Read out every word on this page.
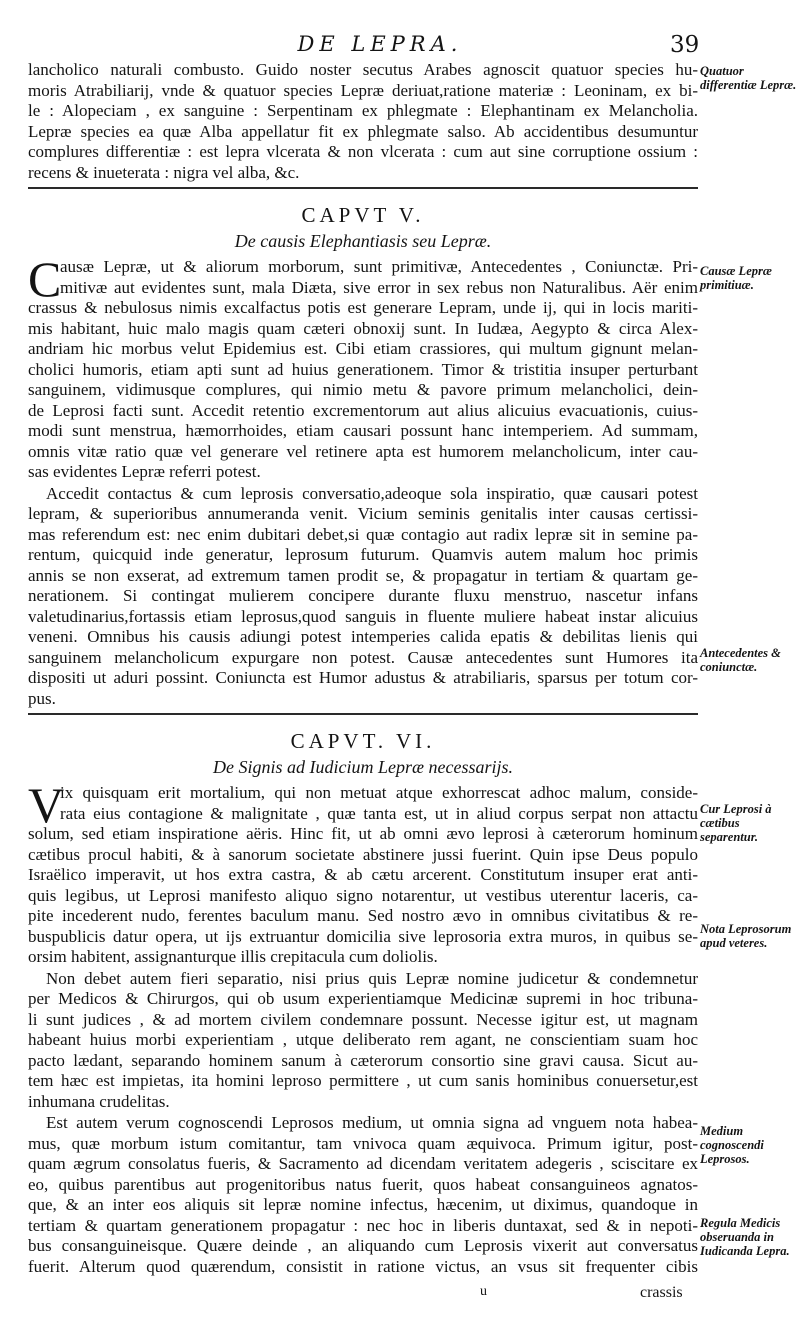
DE LEPRA.	39
lancholico naturali combusto. Guido noster secutus Arabes agnoscit quatuor species hu-
moris Atrabiliarij, vnde & quatuor species Lepræ deriuat,ratione materiæ : Leoninam, ex bi-
le : Alopeciam , ex sanguine : Serpentinam ex phlegmate : Elephantinam ex Melancholia.
Lepræ species ea quæ Alba appellatur fit ex phlegmate salso. Ab accidentibus desumuntur
complures differentiæ : est lepra vlcerata & non vlcerata : cum aut sine corruptione ossium :
recens & inueterata : nigra vel alba, &c.
CAPVT V.
De causis Elephantiasis seu Lepræ.
C
ausæ Lepræ, ut & aliorum morborum, sunt primitivæ, Antecedentes , Coniunctæ. Pri-
mitivæ aut evidentes sunt, mala Diæta, sive error in sex rebus non Naturalibus. Aër enim
crassus & nebulosus nimis excalfactus potis est generare Lepram, unde ij, qui in locis mariti-
mis habitant, huic malo magis quam cæteri obnoxij sunt. In Iudæa, Aegypto & circa Alex-
andriam hic morbus velut Epidemius est. Cibi etiam crassiores, qui multum gignunt melan-
cholici humoris, etiam apti sunt ad huius generationem. Timor & tristitia insuper perturbant
sanguinem, vidimusque complures, qui nimio metu & pavore primum melancholici, dein-
de Leprosi facti sunt. Accedit retentio excrementorum aut alius alicuius evacuationis, cuius-
modi sunt menstrua, hæmorrhoides, etiam causari possunt hanc intemperiem. Ad summam,
omnis vitæ ratio quæ vel generare vel retinere apta est humorem melancholicum, inter cau-
sas evidentes Lepræ referri potest.
Accedit contactus & cum leprosis conversatio,adeoque sola inspiratio, quæ causari potest
lepram, & superioribus annumeranda venit. Vicium seminis genitalis inter causas certissi-
mas referendum est: nec enim dubitari debet,si quæ contagio aut radix lepræ sit in semine pa-
rentum, quicquid inde generatur, leprosum futurum. Quamvis autem malum hoc primis
annis se non exserat, ad extremum tamen prodit se, & propagatur in tertiam & quartam ge-
nerationem. Si contingat mulierem concipere durante fluxu menstruo, nascetur infans
valetudinarius,fortassis etiam leprosus,quod sanguis in fluente muliere habeat instar alicuius
veneni. Omnibus his causis adiungi potest intemperies calida epatis & debilitas lienis qui
sanguinem melancholicum expurgare non potest. Causæ antecedentes sunt Humores ita
dispositi ut aduri possint. Coniuncta est Humor adustus & atrabiliaris, sparsus per totum cor-
pus.
CAPVT. VI.
De Signis ad Iudicium Lepræ necessarijs.
V
ix quisquam erit mortalium, qui non metuat atque exhorrescat adhoc malum, conside-
rata eius contagione & malignitate , quæ tanta est, ut in aliud corpus serpat non attactu
solum, sed etiam inspiratione aëris. Hinc fit, ut ab omni ævo leprosi à cæterorum hominum
cætibus procul habiti, & à sanorum societate abstinere jussi fuerint. Quin ipse Deus populo
Israëlico imperavit, ut hos extra castra, & ab cætu arcerent. Constitutum insuper erat anti-
quis legibus, ut Leprosi manifesto aliquo signo notarentur, ut vestibus uterentur laceris, ca-
pite incederent nudo, ferentes baculum manu. Sed nostro ævo in omnibus civitatibus & re-
buspublicis datur opera, ut ijs extruantur domicilia sive leprosoria extra muros, in quibus se-
orsim habitent, assignanturque illis crepitacula cum doliolis.
Non debet autem fieri separatio, nisi prius quis Lepræ nomine judicetur & condemnetur
per Medicos & Chirurgos, qui ob usum experientiamque Medicinæ supremi in hoc tribuna-
li sunt judices , & ad mortem civilem condemnare possunt. Necesse igitur est, ut magnam
habeant huius morbi experientiam , utque deliberato rem agant, ne conscientiam suam hoc
pacto lædant, separando hominem sanum à cæterorum consortio sine gravi causa. Sicut au-
tem hæc est impietas, ita homini leproso permittere , ut cum sanis hominibus conuersetur,est
inhumana crudelitas.
Est autem verum cognoscendi Leprosos medium, ut omnia signa ad vnguem nota habea-
mus, quæ morbum istum comitantur, tam vnivoca quam æquivoca. Primum igitur, post-
quam ægrum consolatus fueris, & Sacramento ad dicendam veritatem adegeris , sciscitare ex
eo, quibus parentibus aut progenitoribus natus fuerit, quos habeat consanguineos agnatos-
que, & an inter eos aliquis sit lepræ nomine infectus, hæcenim, ut diximus, quandoque in
tertiam & quartam generationem propagatur : nec hoc in liberis duntaxat, sed & in nepoti-
bus consanguineisque. Quære deinde , an aliquando cum Leprosis vixerit aut conversatus
fuerit. Alterum quod quærendum, consistit in ratione victus, an vsus sit frequenter cibis
Quatuor differentiæ Lepræ.
Causæ Lepræ primitiuæ.
Antecedentes & coniunctæ.
Cur Leprosi à cætibus separentur.
Nota Leprosorum apud veteres.
Medium cognoscendi Leprosos.
Regula Medicis obseruanda in Iudicanda Lepra.
u	crassis
